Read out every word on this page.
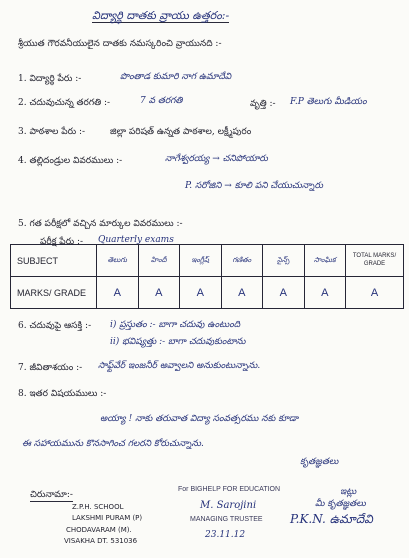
విద్యార్థి దాతకు వ్రాయు ఉత్తరం:-
శ్రీయుత గౌరవనీయులైన దాతకు నమస్కరించి వ్రాయునది :-
1. విద్యార్థి పేరు :-	పొంతాడ కుమారి నాగ ఉమాదేవి
2. చదువుచున్న తరగతి :-	7 వ తరగతి	వృత్తి :- F.P తెలుగు మీడియం
3. పాఠశాల పేరు :-	జిల్లా పరిషత్ ఉన్నత పాఠశాల, లక్ష్మీపురం
4. తల్లిదండ్రుల వివరములు :-	నాగేశ్వరయ్య → చనిపోయారు
P. సరోజిని → కూలి పని చేయుచున్నారు
5. గత పరీక్షలో వచ్చిన మార్కుల వివరములు :-
పరీక్ష పేరు :- Quarterly exams
SUBJECT	తెలుగు	హిందీ	ఇంగ్లీష్	గణితం	సైన్స్	సాంఘిక	TOTAL MARKS/ GRADE
MARKS/ GRADE	A	A	A	A	A	A	A
6. చదువుపై ఆసక్తి :- i) ప్రస్తుతం :- బాగా చదువు ఉంటుంది
ii) భవిష్యత్తు :- బాగా చదువుకుంటాను
7. జీవితాశయం :- సాఫ్ట్‌వేర్ ఇంజనీర్ అవ్వాలని అనుకుంటున్నాను.
8. ఇతర విషయములు :-
అయ్యా ! నాకు తరువాత విద్యా సంవత్సరము నకు కూడా
ఈ సహాయమును కొనసాగించ గలరని కోరుచున్నాను.
కృతజ్ఞతలు
చిరునామా:-
Z.P.H. SCHOOL
LAKSHMI PURAM (P)
CHODAVARAM (M).
VISAKHA DT. 531036
For BIGHELP FOR EDUCATION
M. Sarojini
MANAGING TRUSTEE
23.11.12
ఇట్లు
మీ కృతజ్ఞతలు
P.K.N. ఉమాదేవి
